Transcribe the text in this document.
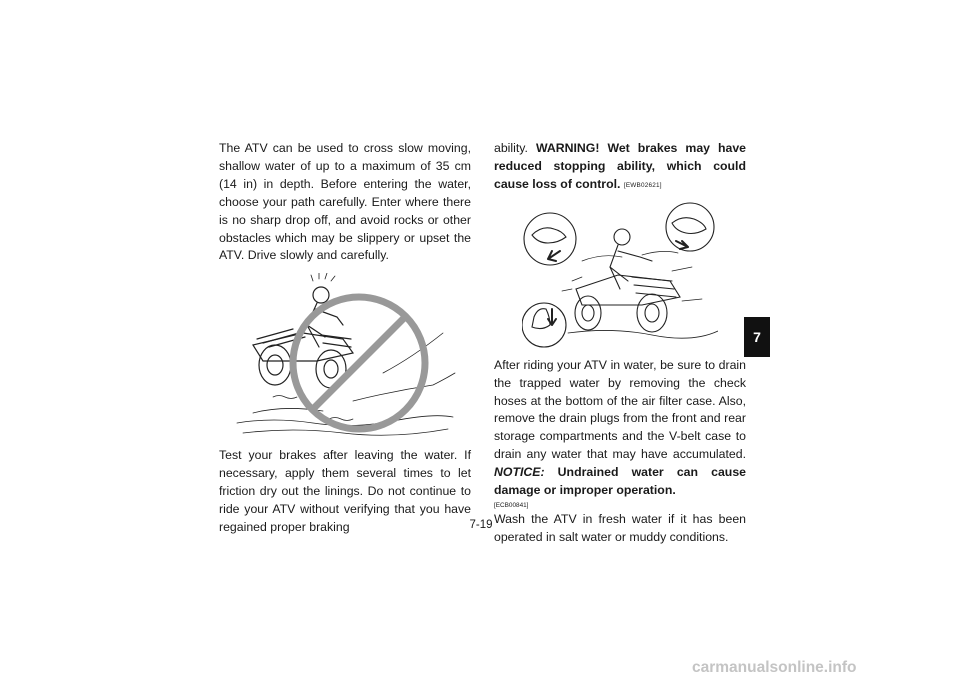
The ATV can be used to cross slow moving, shallow water of up to a maximum of 35 cm (14 in) in depth. Before entering the water, choose your path carefully. Enter where there is no sharp drop off, and avoid rocks or other obstacles which may be slippery or upset the ATV. Drive slowly and carefully.

Test your brakes after leaving the water. If necessary, apply them several times to let friction dry out the linings. Do not continue to ride your ATV without verifying that you have regained proper braking

ability. WARNING! Wet brakes may have reduced stopping ability, which could cause loss of control. [EWB02621]

After riding your ATV in water, be sure to drain the trapped water by removing the check hoses at the bottom of the air filter case. Also, remove the drain plugs from the front and rear storage compartments and the V-belt case to drain any water that may have accumulated. NOTICE: Undrained water can cause damage or improper operation.

[ECB00841]

Wash the ATV in fresh water if it has been operated in salt water or muddy conditions.

7-19
7
carmanualsonline.info
